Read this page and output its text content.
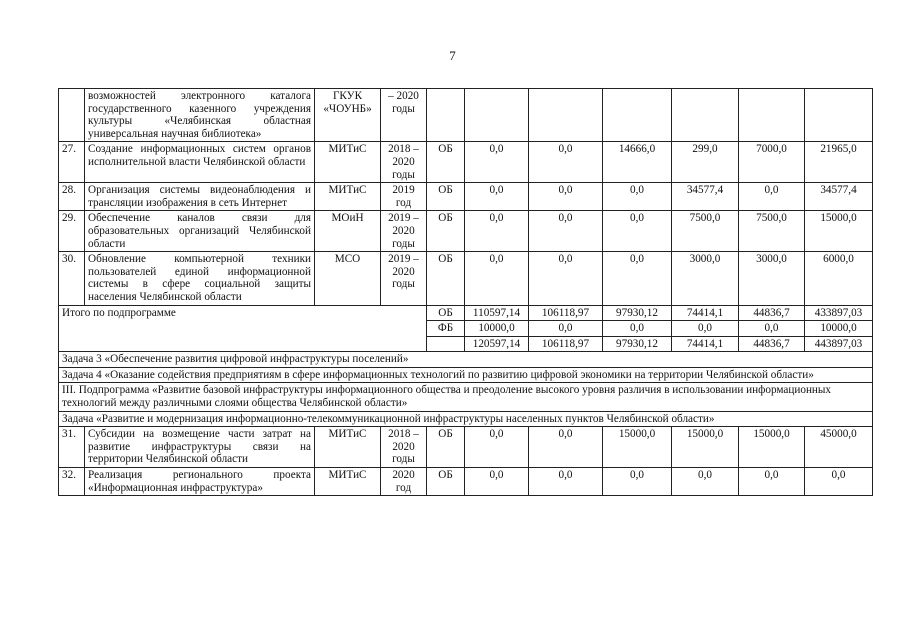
7
	возможностей электронного каталога государственного казенного учреждения культуры «Челябинская областная универсальная научная библиотека»	ГКУК «ЧОУНБ»	– 2020 годы							
27.	Создание информационных систем органов исполнительной власти Челябинской области	МИТиС	2018 – 2020 годы	ОБ	0,0	0,0	14666,0	299,0	7000,0	21965,0
28.	Организация системы видеонаблюдения и трансляции изображения в сеть Интернет	МИТиС	2019 год	ОБ	0,0	0,0	0,0	34577,4	0,0	34577,4
29.	Обеспечение каналов связи для образовательных организаций Челябинской области	МОиН	2019 – 2020 годы	ОБ	0,0	0,0	0,0	7500,0	7500,0	15000,0
30.	Обновление компьютерной техники пользователей единой информационной системы в сфере социальной защиты населения Челябинской области	МСО	2019 – 2020 годы	ОБ	0,0	0,0	0,0	3000,0	3000,0	6000,0
Итого по подпрограмме				ОБ	110597,14	106118,97	97930,12	74414,1	44836,7	433897,03
				ФБ	10000,0	0,0	0,0	0,0	0,0	10000,0
					120597,14	106118,97	97930,12	74414,1	44836,7	443897,03
Задача 3 «Обеспечение развития цифровой инфраструктуры поселений»										
Задача 4 «Оказание содействия предприятиям в сфере информационных технологий по развитию цифровой экономики на территории Челябинской области»										
III. Подпрограмма «Развитие базовой инфраструктуры информационного общества и преодоление высокого уровня различия в использовании информационных технологий между различными слоями общества Челябинской области»										
Задача «Развитие и модернизация информационно-телекоммуникационной инфраструктуры населенных пунктов Челябинской области»										
31.	Субсидии на возмещение части затрат на развитие инфраструктуры связи на территории Челябинской области	МИТиС	2018 – 2020 годы	ОБ	0,0	0,0	15000,0	15000,0	15000,0	45000,0
32.	Реализация регионального проекта «Информационная инфраструктура»	МИТиС	2020 год	ОБ	0,0	0,0	0,0	0,0	0,0	0,0
